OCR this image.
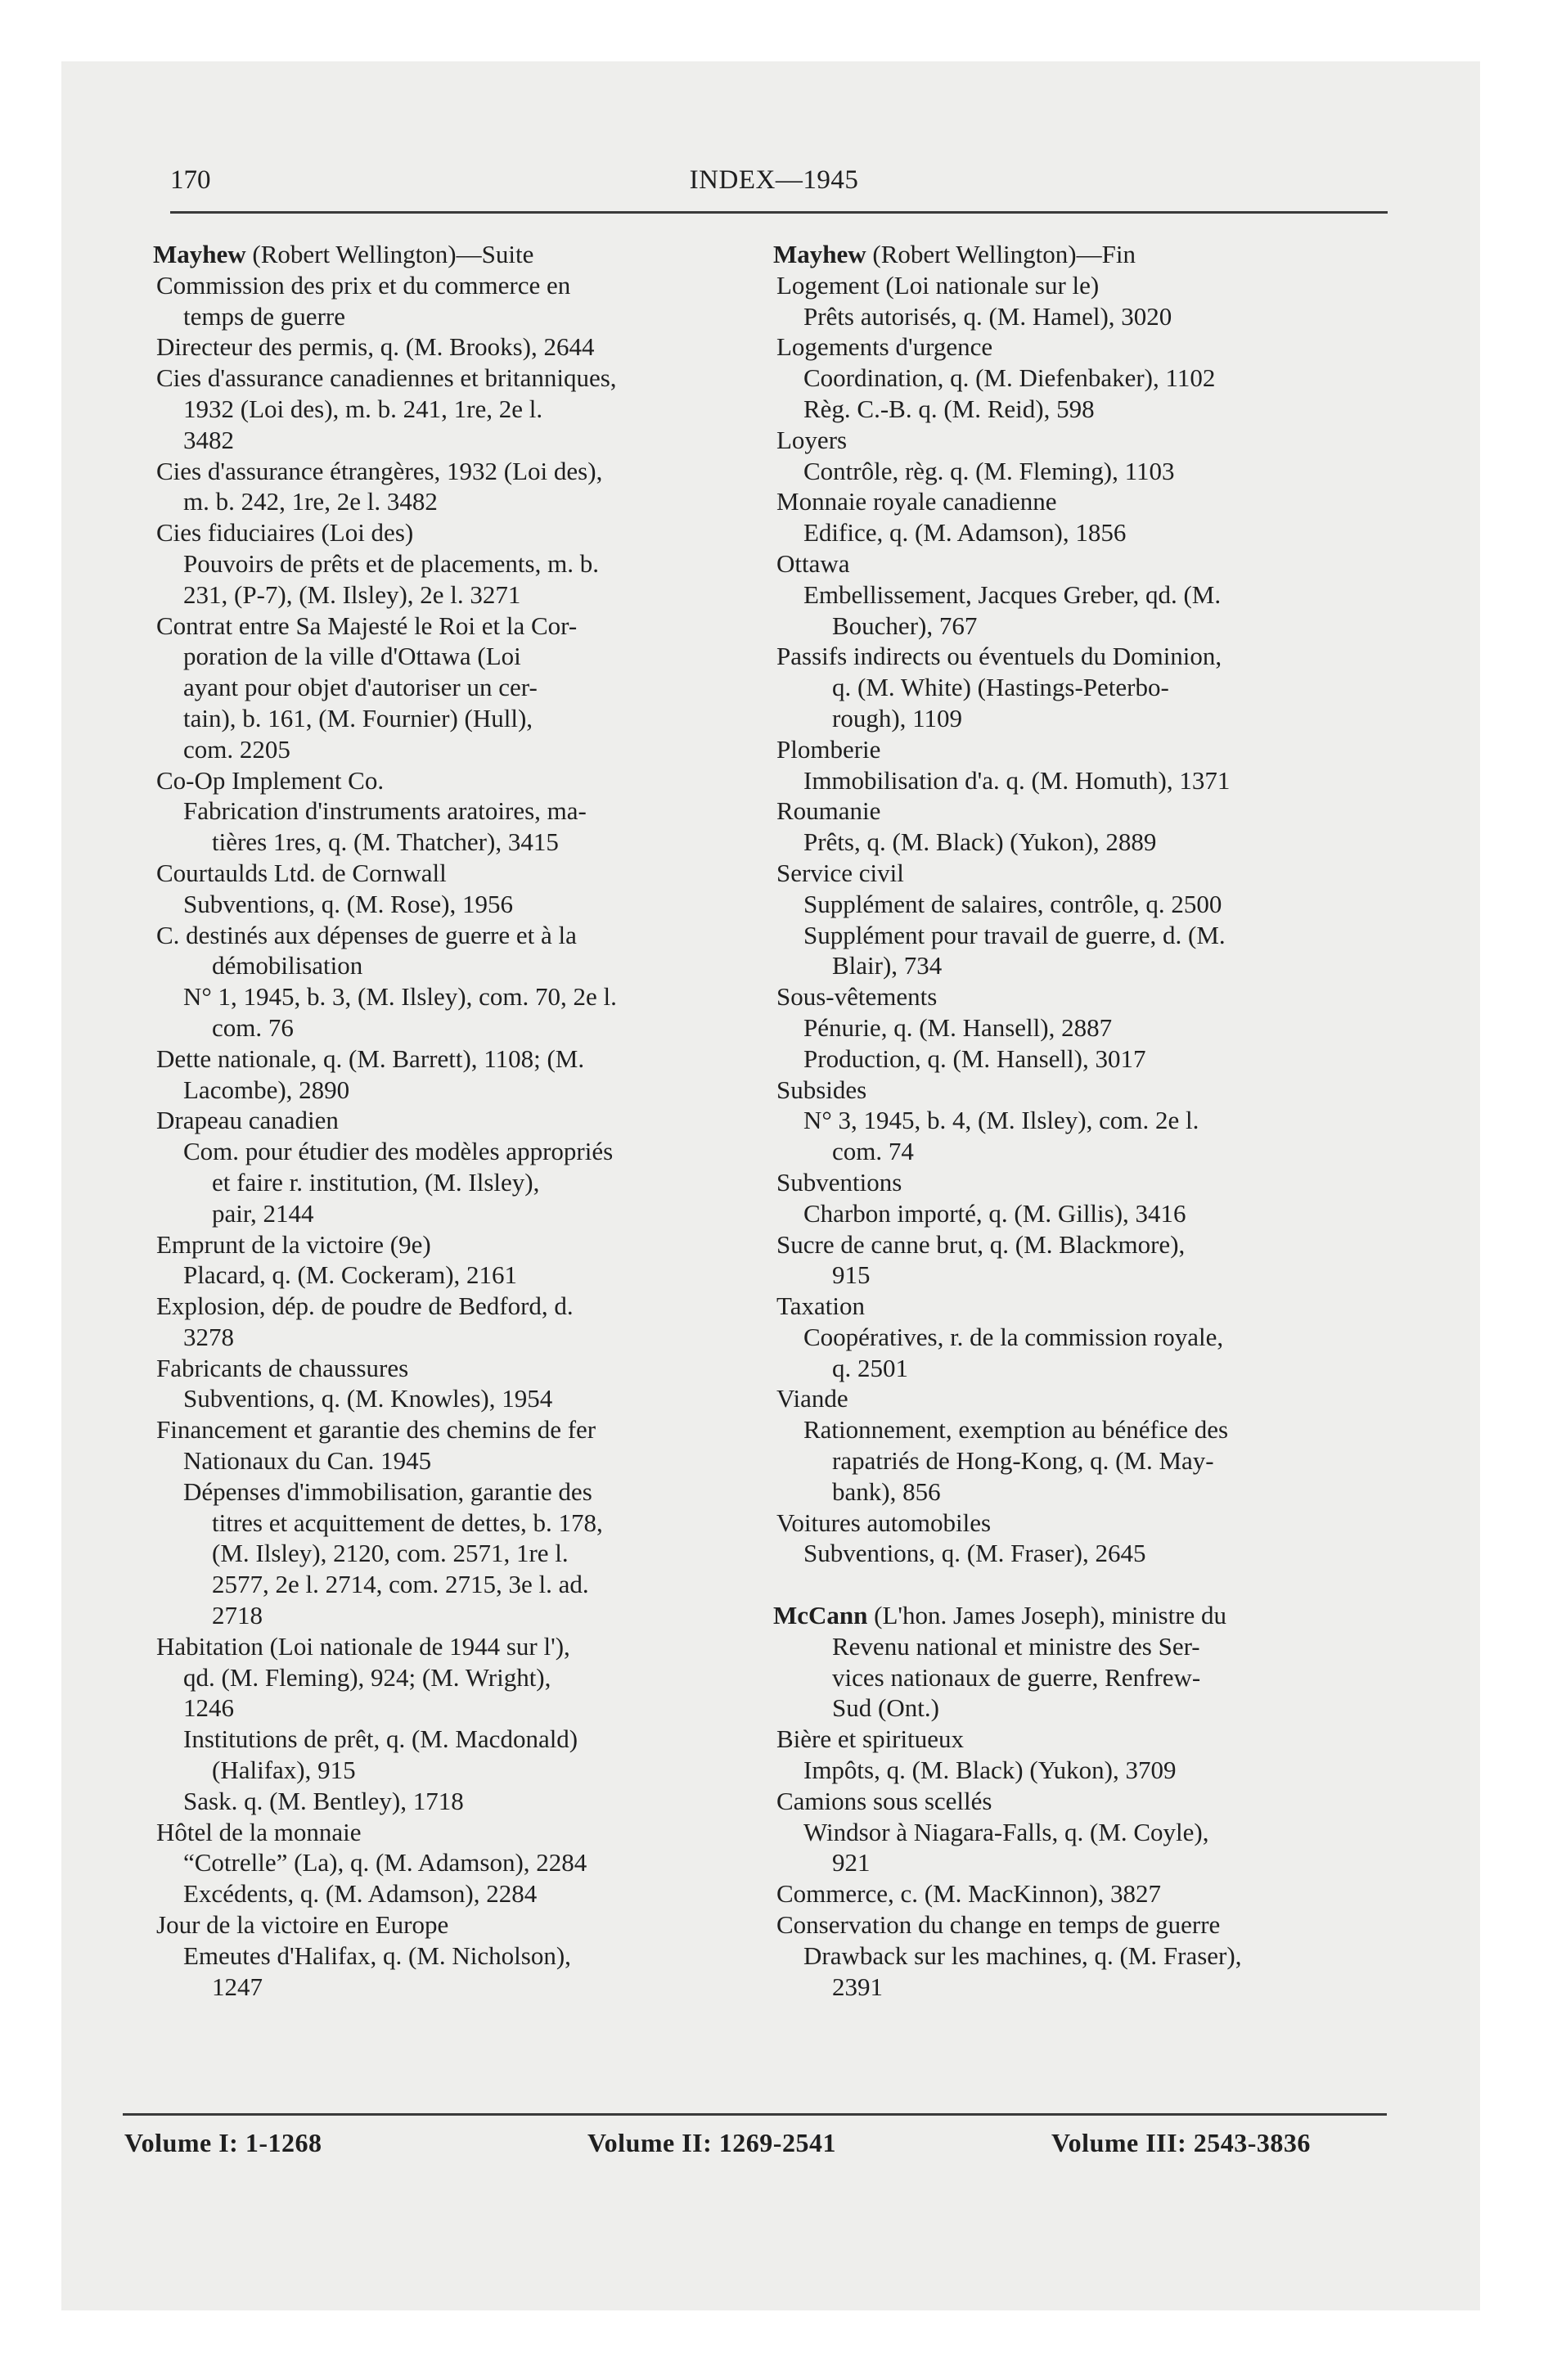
170	INDEX—1945
Mayhew (Robert Wellington)—Suite
Commission des prix et du commerce en
temps de guerre
Directeur des permis, q. (M. Brooks), 2644
Cies d'assurance canadiennes et britanniques,
1932 (Loi des), m. b. 241, 1re, 2e l.
3482
Cies d'assurance étrangères, 1932 (Loi des),
m. b. 242, 1re, 2e l. 3482
Cies fiduciaires (Loi des)
Pouvoirs de prêts et de placements, m. b.
231, (P-7), (M. Ilsley), 2e l. 3271
Contrat entre Sa Majesté le Roi et la Cor-
poration de la ville d'Ottawa (Loi
ayant pour objet d'autoriser un cer-
tain), b. 161, (M. Fournier) (Hull),
com. 2205
Co-Op Implement Co.
Fabrication d'instruments aratoires, ma-
tières 1res, q. (M. Thatcher), 3415
Courtaulds Ltd. de Cornwall
Subventions, q. (M. Rose), 1956
C. destinés aux dépenses de guerre et à la
démobilisation
N° 1, 1945, b. 3, (M. Ilsley), com. 70, 2e l.
com. 76
Dette nationale, q. (M. Barrett), 1108; (M.
Lacombe), 2890
Drapeau canadien
Com. pour étudier des modèles appropriés
et faire r. institution, (M. Ilsley),
pair, 2144
Emprunt de la victoire (9e)
Placard, q. (M. Cockeram), 2161
Explosion, dép. de poudre de Bedford, d.
3278
Fabricants de chaussures
Subventions, q. (M. Knowles), 1954
Financement et garantie des chemins de fer
Nationaux du Can. 1945
Dépenses d'immobilisation, garantie des
titres et acquittement de dettes, b. 178,
(M. Ilsley), 2120, com. 2571, 1re l.
2577, 2e l. 2714, com. 2715, 3e l. ad.
2718
Habitation (Loi nationale de 1944 sur l'),
qd. (M. Fleming), 924; (M. Wright),
1246
Institutions de prêt, q. (M. Macdonald)
(Halifax), 915
Sask. q. (M. Bentley), 1718
Hôtel de la monnaie
“Cotrelle” (La), q. (M. Adamson), 2284
Excédents, q. (M. Adamson), 2284
Jour de la victoire en Europe
Emeutes d'Halifax, q. (M. Nicholson),
1247
Mayhew (Robert Wellington)—Fin
Logement (Loi nationale sur le)
Prêts autorisés, q. (M. Hamel), 3020
Logements d'urgence
Coordination, q. (M. Diefenbaker), 1102
Règ. C.-B. q. (M. Reid), 598
Loyers
Contrôle, règ. q. (M. Fleming), 1103
Monnaie royale canadienne
Edifice, q. (M. Adamson), 1856
Ottawa
Embellissement, Jacques Greber, qd. (M.
Boucher), 767
Passifs indirects ou éventuels du Dominion,
q. (M. White) (Hastings-Peterbo-
rough), 1109
Plomberie
Immobilisation d'a. q. (M. Homuth), 1371
Roumanie
Prêts, q. (M. Black) (Yukon), 2889
Service civil
Supplément de salaires, contrôle, q. 2500
Supplément pour travail de guerre, d. (M.
Blair), 734
Sous-vêtements
Pénurie, q. (M. Hansell), 2887
Production, q. (M. Hansell), 3017
Subsides
N° 3, 1945, b. 4, (M. Ilsley), com. 2e l.
com. 74
Subventions
Charbon importé, q. (M. Gillis), 3416
Sucre de canne brut, q. (M. Blackmore),
915
Taxation
Coopératives, r. de la commission royale,
q. 2501
Viande
Rationnement, exemption au bénéfice des
rapatriés de Hong-Kong, q. (M. May-
bank), 856
Voitures automobiles
Subventions, q. (M. Fraser), 2645
McCann (L'hon. James Joseph), ministre du
Revenu national et ministre des Ser-
vices nationaux de guerre, Renfrew-
Sud (Ont.)
Bière et spiritueux
Impôts, q. (M. Black) (Yukon), 3709
Camions sous scellés
Windsor à Niagara-Falls, q. (M. Coyle),
921
Commerce, c. (M. MacKinnon), 3827
Conservation du change en temps de guerre
Drawback sur les machines, q. (M. Fraser),
2391
Volume I: 1-1268	Volume II: 1269-2541	Volume III: 2543-3836
